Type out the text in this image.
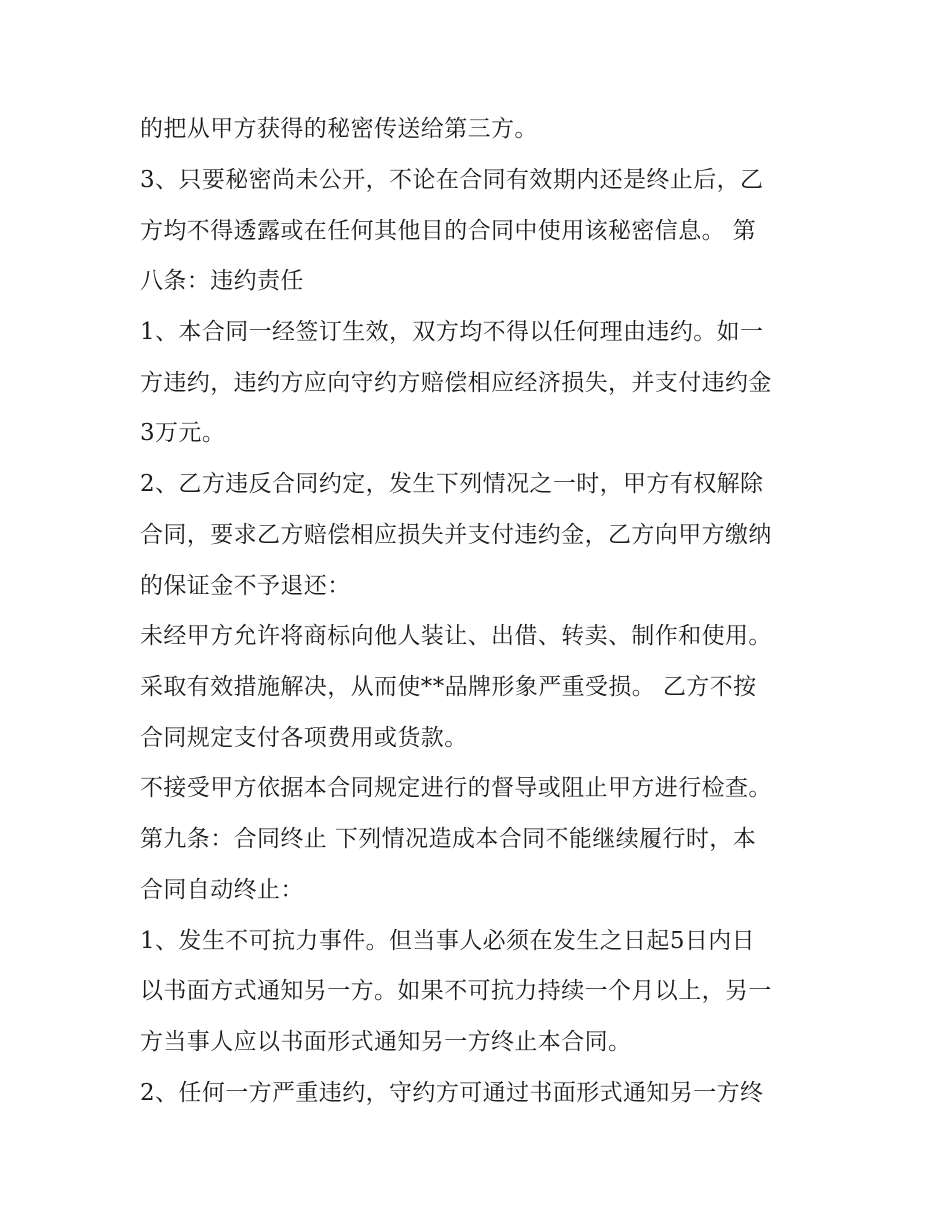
的把从甲方获得的秘密传送给第三方。
3、只要秘密尚未公开，不论在合同有效期内还是终止后，乙
方均不得透露或在任何其他目的合同中使用该秘密信息。 第
八条：违约责任
1、本合同一经签订生效，双方均不得以任何理由违约。如一
方违约，违约方应向守约方赔偿相应经济损失，并支付违约金
3万元。
2、乙方违反合同约定，发生下列情况之一时，甲方有权解除
合同，要求乙方赔偿相应损失并支付违约金，乙方向甲方缴纳
的保证金不予退还：
未经甲方允许将商标向他人装让、出借、转卖、制作和使用。
采取有效措施解决，从而使**品牌形象严重受损。 乙方不按
合同规定支付各项费用或货款。
不接受甲方依据本合同规定进行的督导或阻止甲方进行检查。
第九条：合同终止 下列情况造成本合同不能继续履行时，本
合同自动终止：
1、发生不可抗力事件。但当事人必须在发生之日起5日内日
以书面方式通知另一方。如果不可抗力持续一个月以上，另一
方当事人应以书面形式通知另一方终止本合同。
2、任何一方严重违约，守约方可通过书面形式通知另一方终
